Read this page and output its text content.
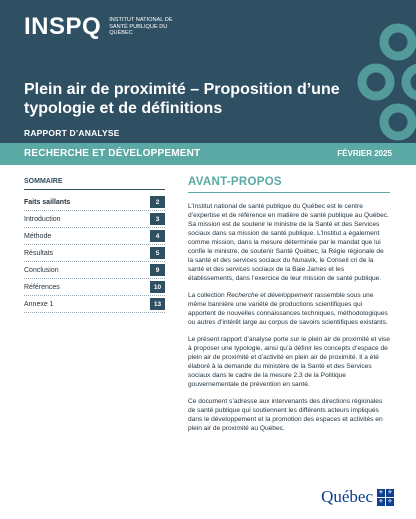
INSPQ INSTITUT NATIONAL DE SANTÉ PUBLIQUE DU QUÉBEC
Plein air de proximité – Proposition d’une typologie et de définitions
RAPPORT D’ANALYSE
RECHERCHE ET DÉVELOPPEMENT	FÉVRIER 2025
SOMMAIRE
Faits saillants	2
Introduction	3
Méthode	4
Résultats	5
Conclusion	9
Références	10
Annexe 1	13
AVANT-PROPOS

L’Institut national de santé publique du Québec est le centre d’expertise et de référence en matière de santé publique au Québec. Sa mission est de soutenir le ministre de la Santé et des Services sociaux dans sa mission de santé publique. L’Institut a également comme mission, dans la mesure déterminée par le mandat que lui confie le ministre, de soutenir Santé Québec, la Régie régionale de la santé et des services sociaux du Nunavik, le Conseil cri de la santé et des services sociaux de la Baie James et les établissements, dans l’exercice de leur mission de santé publique.

La collection Recherche et développement rassemble sous une même bannière une variété de productions scientifiques qui apportent de nouvelles connaissances techniques, méthodologiques ou autres d’intérêt large au corpus de savoirs scientifiques existants.

Le présent rapport d’analyse porte sur le plein air de proximité et vise à proposer une typologie, ainsi qu’à définir les concepts d’espace de plein air de proximité et d’activité en plein air de proximité. Il a été élaboré à la demande du ministère de la Santé et des Services sociaux dans le cadre de la mesure 2.3 de la Politique gouvernementale de prévention en santé.

Ce document s’adresse aux intervenants des directions régionales de santé publique qui soutiennent les différents acteurs impliqués dans le développement et la promotion des espaces et activités en plein air de proximité au Québec.

Québec ⚜ ⚜
⚜ ⚜
